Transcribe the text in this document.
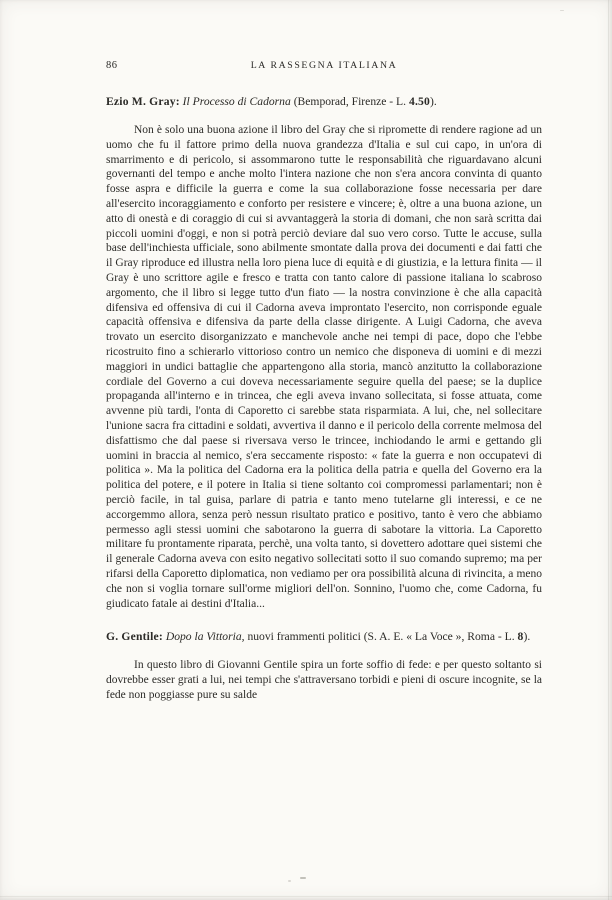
86	LA RASSEGNA ITALIANA

Ezio M. Gray: Il Processo di Cadorna (Bemporad, Firenze - L. 4.50).

Non è solo una buona azione il libro del Gray che si ripromette di rendere ragione ad un uomo che fu il fattore primo della nuova grandezza d'Italia e sul cui capo, in un'ora di smarrimento e di pericolo, si assommarono tutte le responsabilità che riguardavano alcuni governanti del tempo e anche molto l'intera nazione che non s'era ancora convinta di quanto fosse aspra e difficile la guerra e come la sua collaborazione fosse necessaria per dare all'esercito incoraggiamento e conforto per resistere e vincere; è, oltre a una buona azione, un atto di onestà e di coraggio di cui si avvantaggerà la storia di domani, che non sarà scritta dai piccoli uomini d'oggi, e non si potrà perciò deviare dal suo vero corso. Tutte le accuse, sulla base dell'inchiesta ufficiale, sono abilmente smontate dalla prova dei documenti e dai fatti che il Gray riproduce ed illustra nella loro piena luce di equità e di giustizia, e la lettura finita — il Gray è uno scrittore agile e fresco e tratta con tanto calore di passione italiana lo scabroso argomento, che il libro si legge tutto d'un fiato — la nostra convinzione è che alla capacità difensiva ed offensiva di cui il Cadorna aveva improntato l'esercito, non corrisponde eguale capacità offensiva e difensiva da parte della classe dirigente. A Luigi Cadorna, che aveva trovato un esercito disorganizzato e manchevole anche nei tempi di pace, dopo che l'ebbe ricostruito fino a schierarlo vittorioso contro un nemico che disponeva di uomini e di mezzi maggiori in undici battaglie che appartengono alla storia, mancò anzitutto la collaborazione cordiale del Governo a cui doveva necessariamente seguire quella del paese; se la duplice propaganda all'interno e in trincea, che egli aveva invano sollecitata, si fosse attuata, come avvenne più tardi, l'onta di Caporetto ci sarebbe stata risparmiata. A lui, che, nel sollecitare l'unione sacra fra cittadini e soldati, avvertiva il danno e il pericolo della corrente melmosa del disfattismo che dal paese si riversava verso le trincee, inchiodando le armi e gettando gli uomini in braccia al nemico, s'era seccamente risposto: « fate la guerra e non occupatevi di politica ». Ma la politica del Cadorna era la politica della patria e quella del Governo era la politica del potere, e il potere in Italia si tiene soltanto coi compromessi parlamentari; non è perciò facile, in tal guisa, parlare di patria e tanto meno tutelarne gli interessi, e ce ne accorgemmo allora, senza però nessun risultato pratico e positivo, tanto è vero che abbiamo permesso agli stessi uomini che sabotarono la guerra di sabotare la vittoria. La Caporetto militare fu prontamente riparata, perchè, una volta tanto, si dovettero adottare quei sistemi che il generale Cadorna aveva con esito negativo sollecitati sotto il suo comando supremo; ma per rifarsi della Caporetto diplomatica, non vediamo per ora possibilità alcuna di rivincita, a meno che non si voglia tornare sull'orme migliori dell'on. Sonnino, l'uomo che, come Cadorna, fu giudicato fatale ai destini d'Italia...

G. Gentile: Dopo la Vittoria, nuovi frammenti politici (S. A. E. « La Voce », Roma - L. 8).

In questo libro di Giovanni Gentile spira un forte soffio di fede: e per questo soltanto si dovrebbe esser grati a lui, nei tempi che s'attraversano torbidi e pieni di oscure incognite, se la fede non poggiasse pure su salde
